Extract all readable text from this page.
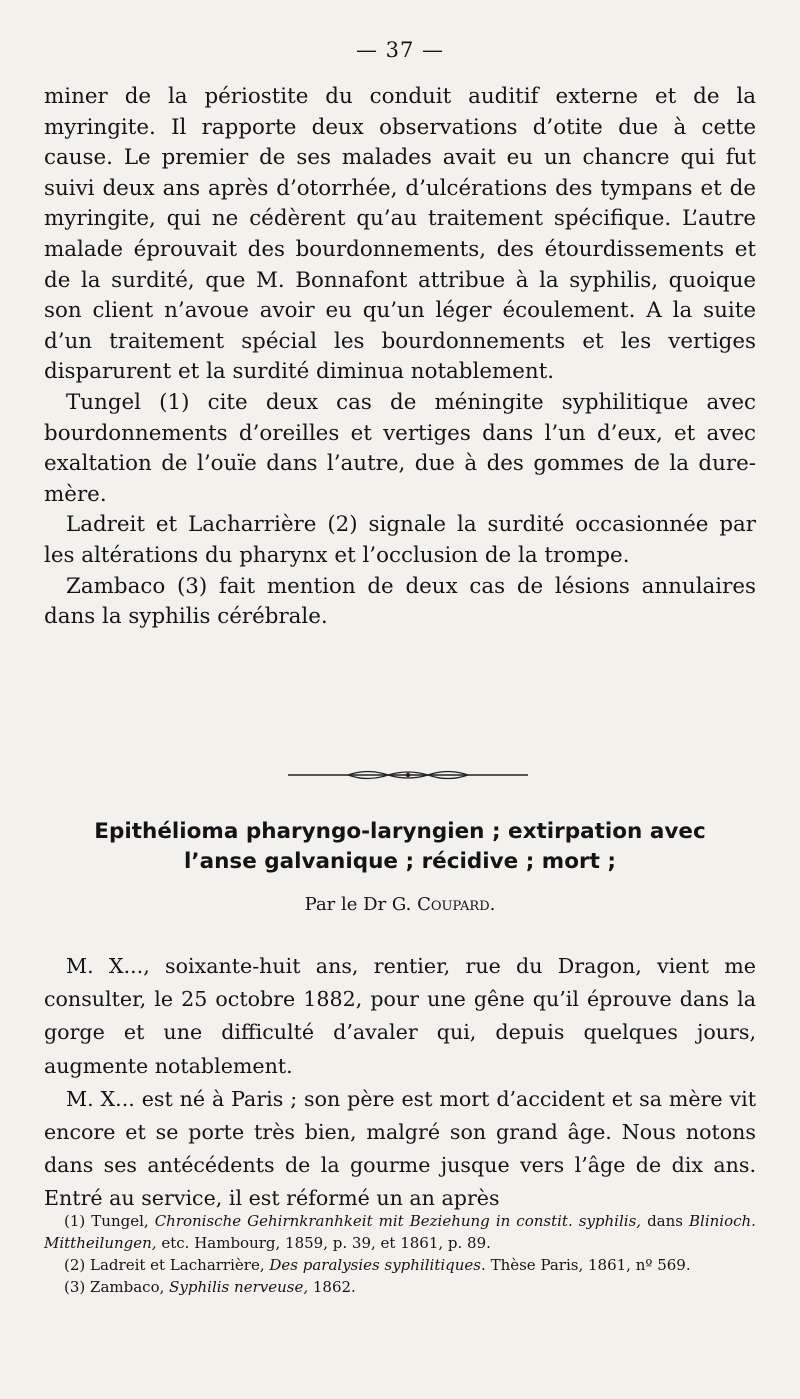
— 37 —

miner de la périostite du conduit auditif externe et de la myringite. Il rapporte deux observations d’otite due à cette cause. Le premier de ses malades avait eu un chancre qui fut suivi deux ans après d’otorrhée, d’ulcérations des tympans et de myringite, qui ne cédèrent qu’au traitement spécifique. L’autre malade éprouvait des bourdonnements, des étourdissements et de la surdité, que M. Bonnafont attribue à la syphilis, quoique son client n’avoue avoir eu qu’un léger écoulement. A la suite d’un traitement spécial les bourdonnements et les vertiges disparurent et la surdité diminua notablement.

Tungel (1) cite deux cas de méningite syphilitique avec bourdonnements d’oreilles et vertiges dans l’un d’eux, et avec exaltation de l’ouïe dans l’autre, due à des gommes de la dure-mère.

Ladreit et Lacharrière (2) signale la surdité occasionnée par les altérations du pharynx et l’occlusion de la trompe.

Zambaco (3) fait mention de deux cas de lésions annulaires dans la syphilis cérébrale.

Epithélioma pharyngo-laryngien ; extirpation avec
l’anse galvanique ; récidive ; mort ;
Par le Dr G. Coupard.

M. X..., soixante-huit ans, rentier, rue du Dragon, vient me consulter, le 25 octobre 1882, pour une gêne qu’il éprouve dans la gorge et une difficulté d’avaler qui, depuis quelques jours, augmente notablement.

M. X... est né à Paris ; son père est mort d’accident et sa mère vit encore et se porte très bien, malgré son grand âge. Nous notons dans ses antécédents de la gourme jusque vers l’âge de dix ans. Entré au service, il est réformé un an après

(1) Tungel, Chronische Gehirnkranhkeit mit Beziehung in constit. syphilis, dans Blinioch. Mittheilungen, etc. Hambourg, 1859, p. 39, et 1861, p. 89.

(2) Ladreit et Lacharrière, Des paralysies syphilitiques. Thèse Paris, 1861, nº 569.

(3) Zambaco, Syphilis nerveuse, 1862.
